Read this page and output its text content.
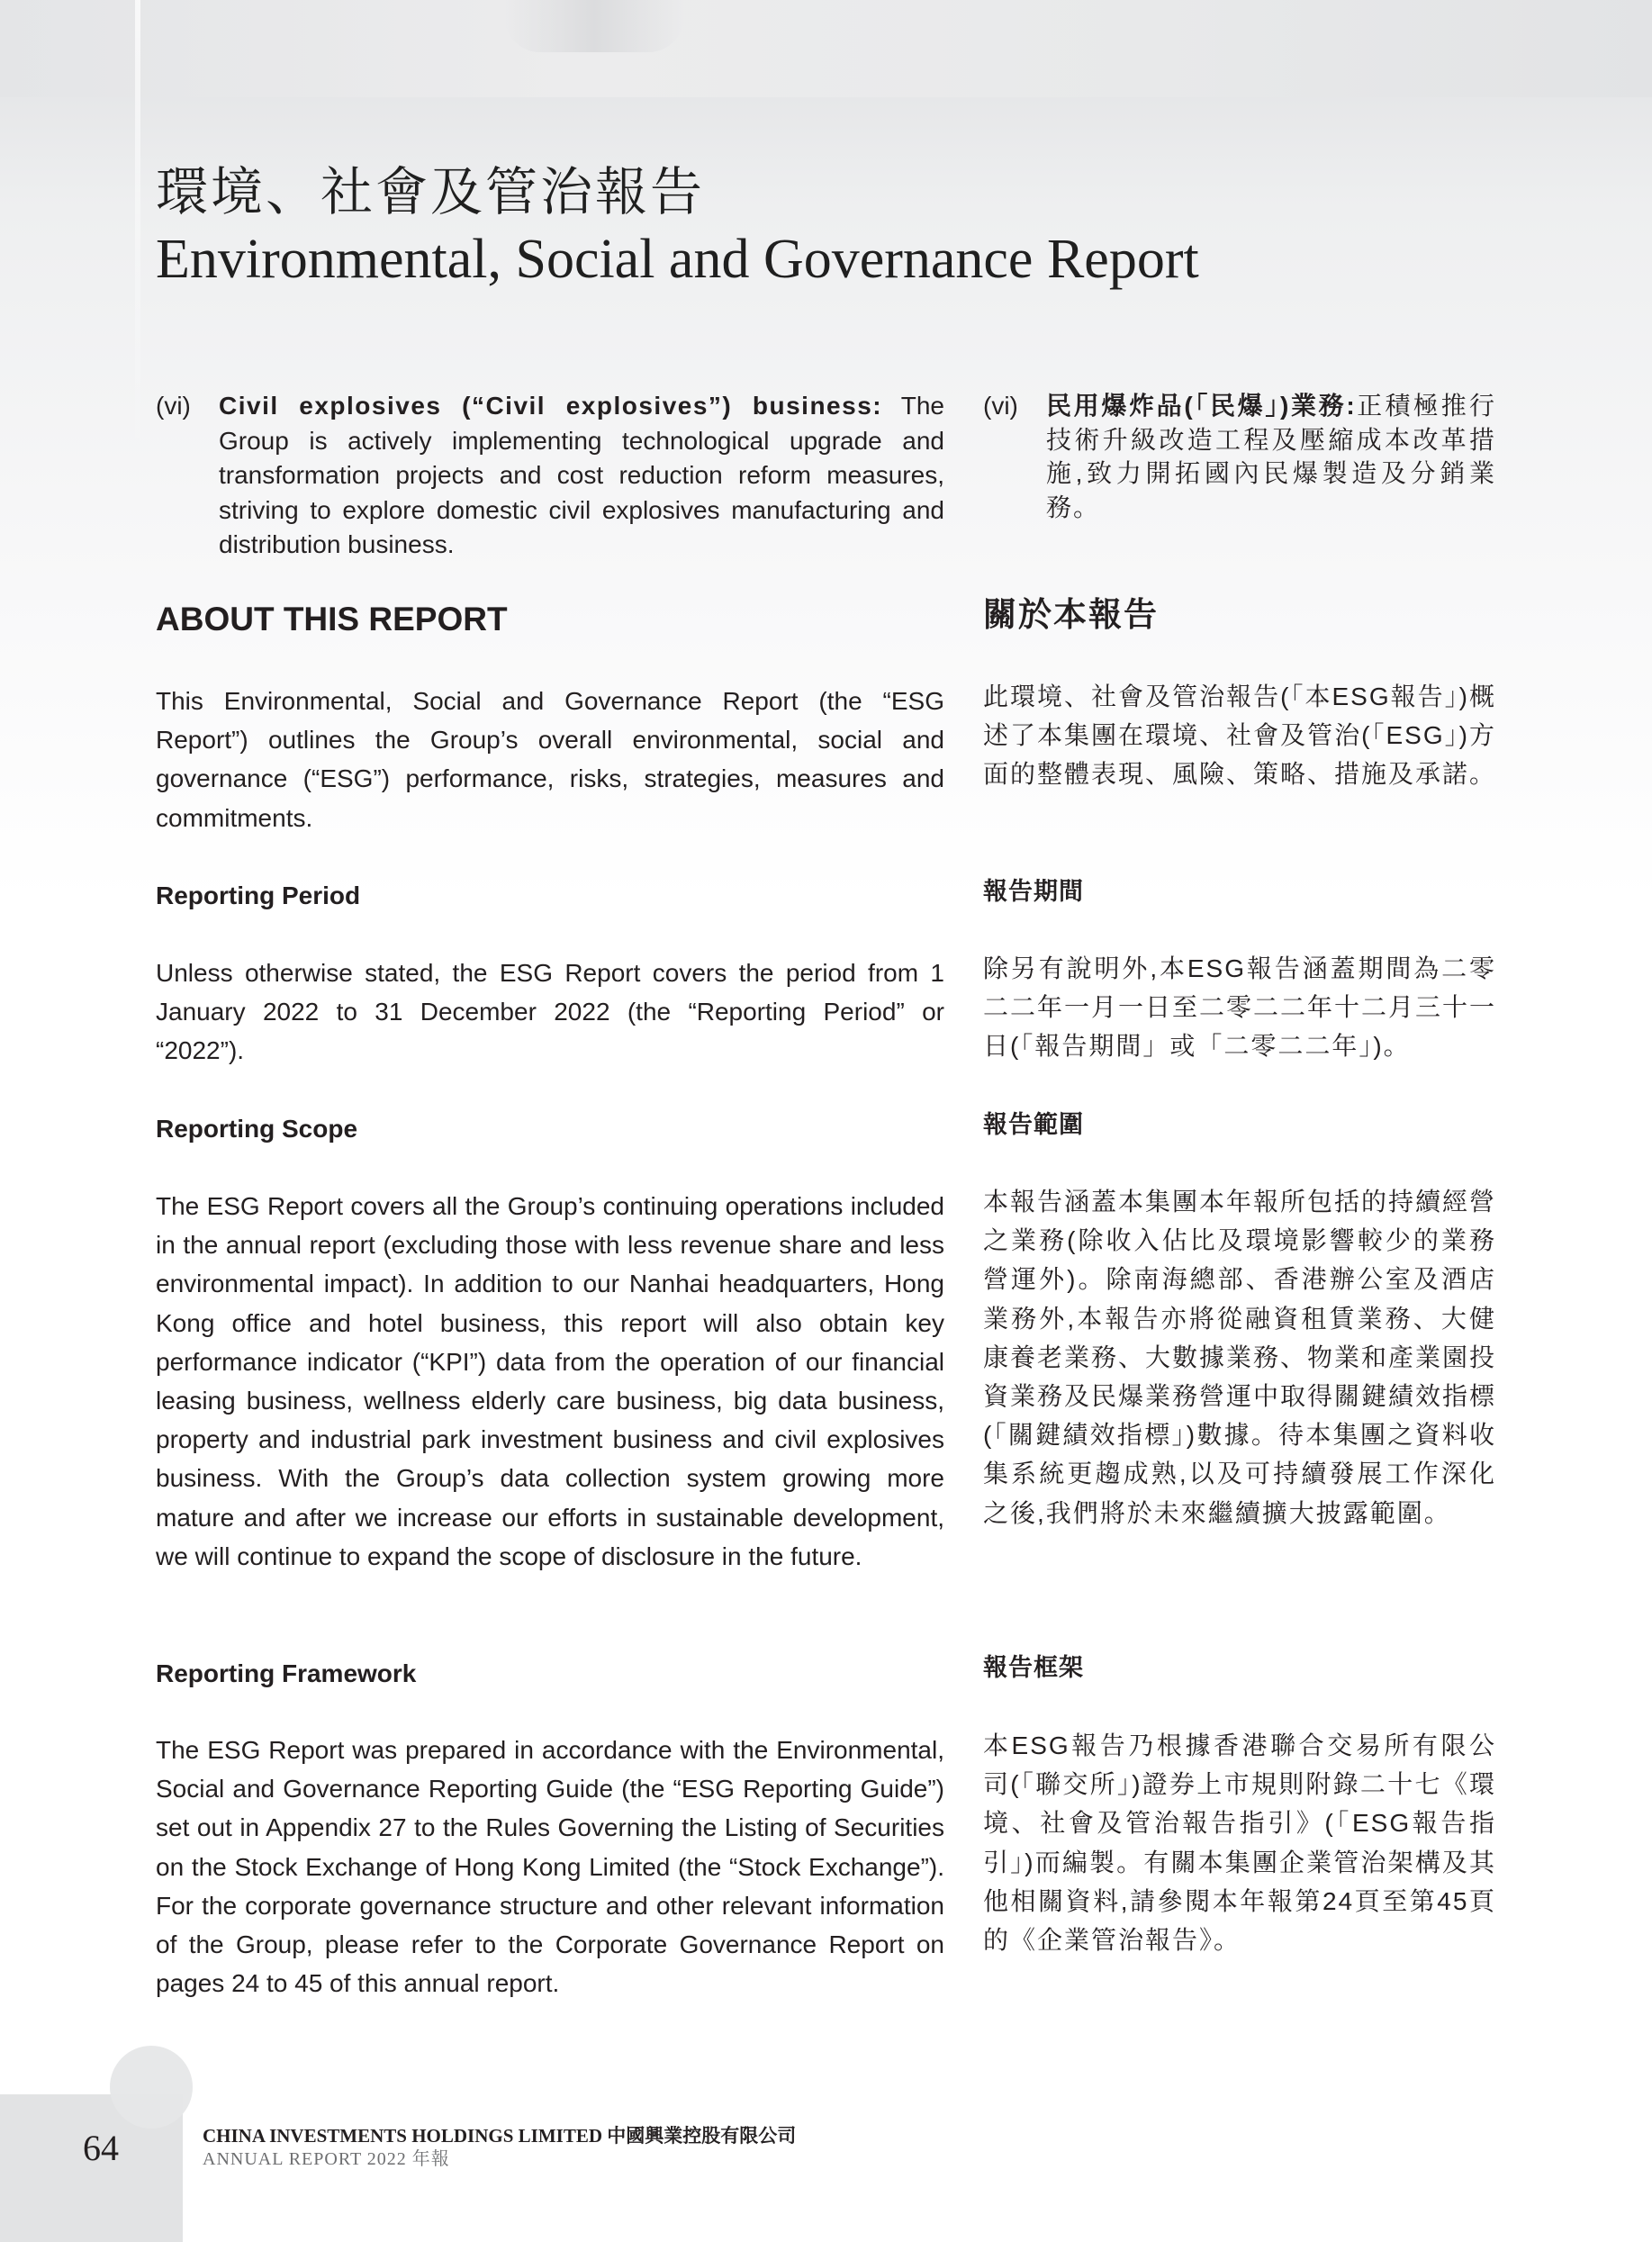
環境、社會及管治報告
Environmental, Social and Governance Report
(vi) Civil explosives (“Civil explosives”) business: The Group is actively implementing technological upgrade and transformation projects and cost reduction reform measures, striving to explore domestic civil explosives manufacturing and distribution business.

(vi) 民用爆炸品(「民爆」)業務:正積極推行技術升級改造工程及壓縮成本改革措施,致力開拓國內民爆製造及分銷業務。

ABOUT THIS REPORT	關於本報告

This Environmental, Social and Governance Report (the “ESG Report”) outlines the Group’s overall environmental, social and governance (“ESG”) performance, risks, strategies, measures and commitments.

此環境、社會及管治報告(「本ESG報告」)概述了本集團在環境、社會及管治(「ESG」)方面的整體表現、風險、策略、措施及承諾。

Reporting Period	報告期間

Unless otherwise stated, the ESG Report covers the period from 1 January 2022 to 31 December 2022 (the “Reporting Period” or “2022”).

除另有說明外,本ESG報告涵蓋期間為二零二二年一月一日至二零二二年十二月三十一日(「報告期間」或「二零二二年」)。

Reporting Scope	報告範圍

The ESG Report covers all the Group’s continuing operations included in the annual report (excluding those with less revenue share and less environmental impact). In addition to our Nanhai headquarters, Hong Kong office and hotel business, this report will also obtain key performance indicator (“KPI”) data from the operation of our financial leasing business, wellness elderly care business, big data business, property and industrial park investment business and civil explosives business. With the Group’s data collection system growing more mature and after we increase our efforts in sustainable development, we will continue to expand the scope of disclosure in the future.

本報告涵蓋本集團本年報所包括的持續經營之業務(除收入佔比及環境影響較少的業務營運外)。除南海總部、香港辦公室及酒店業務外,本報告亦將從融資租賃業務、大健康養老業務、大數據業務、物業和產業園投資業務及民爆業務營運中取得關鍵績效指標(「關鍵績效指標」)數據。待本集團之資料收集系統更趨成熟,以及可持續發展工作深化之後,我們將於未來繼續擴大披露範圍。

Reporting Framework	報告框架

The ESG Report was prepared in accordance with the Environmental, Social and Governance Reporting Guide (the “ESG Reporting Guide”) set out in Appendix 27 to the Rules Governing the Listing of Securities on the Stock Exchange of Hong Kong Limited (the “Stock Exchange”). For the corporate governance structure and other relevant information of the Group, please refer to the Corporate Governance Report on pages 24 to 45 of this annual report.

本ESG報告乃根據香港聯合交易所有限公司(「聯交所」)證券上市規則附錄二十七《環境、社會及管治報告指引》(「ESG報告指引」)而編製。有關本集團企業管治架構及其他相關資料,請參閱本年報第24頁至第45頁的《企業管治報告》。

64	CHINA INVESTMENTS HOLDINGS LIMITED 中國興業控股有限公司
ANNUAL REPORT 2022 年報
